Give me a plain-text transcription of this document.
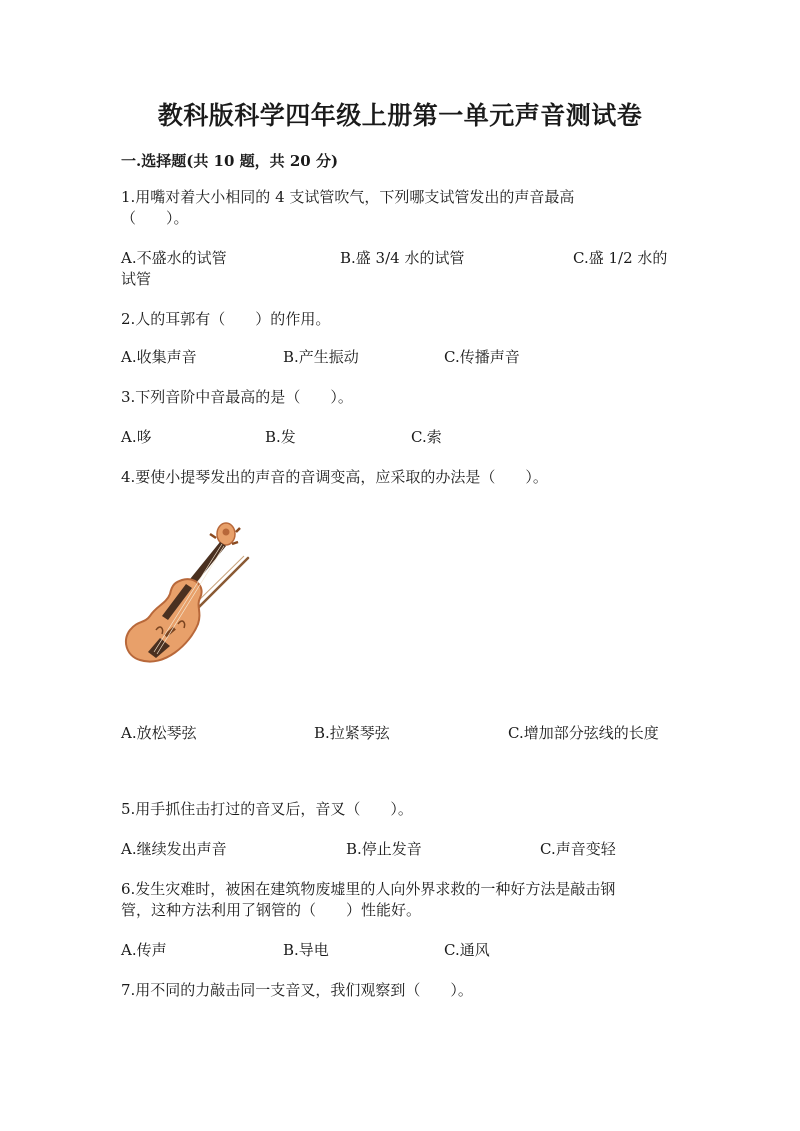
教科版科学四年级上册第一单元声音测试卷
一.选择题(共 10 题，共 20 分)
1.用嘴对着大小相同的 4 支试管吹气，下列哪支试管发出的声音最高
（　　）。
A.不盛水的试管	B.盛 3/4 水的试管	C.盛 1/2 水的
试管
2.人的耳郭有（　　）的作用。
A.收集声音	B.产生振动	C.传播声音
3.下列音阶中音最高的是（　　）。
A.哆	B.发	C.索
4.要使小提琴发出的声音的音调变高，应采取的办法是（　　）。
A.放松琴弦	B.拉紧琴弦	C.增加部分弦线的长度
5.用手抓住击打过的音叉后，音叉（　　）。
A.继续发出声音	B.停止发音	C.声音变轻
6.发生灾难时，被困在建筑物废墟里的人向外界求救的一种好方法是敲击钢
管，这种方法利用了钢管的（　　）性能好。
A.传声	B.导电	C.通风
7.用不同的力敲击同一支音叉，我们观察到（　　）。
